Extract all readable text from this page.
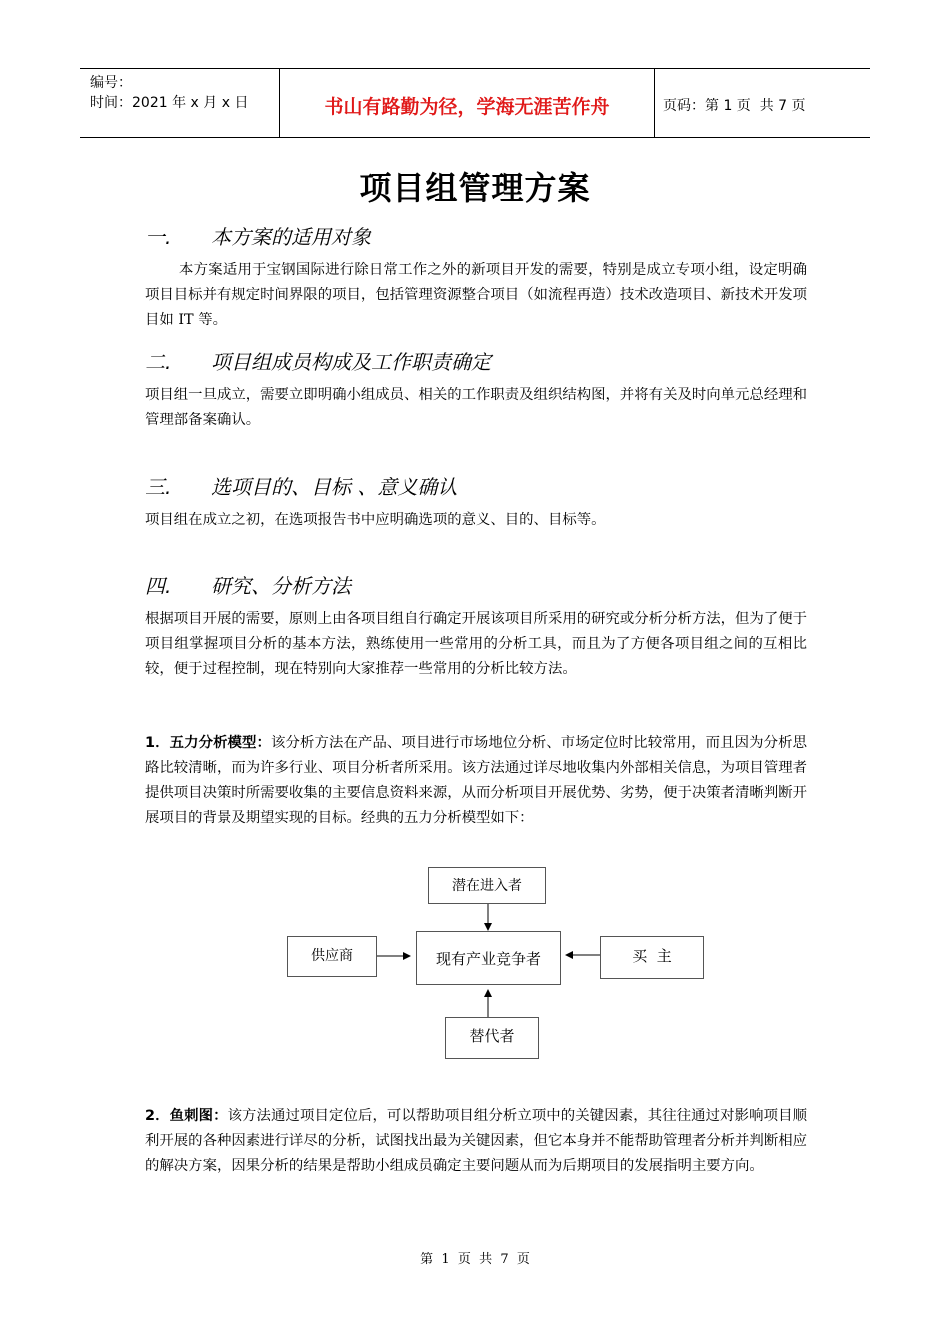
编号：
时间：2021 年 x 月 x 日	书山有路勤为径，学海无涯苦作舟	页码：第 1 页  共 7 页
项目组管理方案
一.	本方案的适用对象
本方案适用于宝钢国际进行除日常工作之外的新项目开发的需要，特别是成立专项小组，设定明确项目目标并有规定时间界限的项目，包括管理资源整合项目（如流程再造）技术改造项目、新技术开发项目如 IT 等。
二.	项目组成员构成及工作职责确定
项目组一旦成立，需要立即明确小组成员、相关的工作职责及组织结构图，并将有关及时向单元总经理和管理部备案确认。
三.	选项目的、目标 、意义确认
项目组在成立之初，在选项报告书中应明确选项的意义、目的、目标等。
四.	研究、分析方法
根据项目开展的需要，原则上由各项目组自行确定开展该项目所采用的研究或分析分析方法，但为了便于项目组掌握项目分析的基本方法，熟练使用一些常用的分析工具，而且为了方便各项目组之间的互相比较，便于过程控制，现在特别向大家推荐一些常用的分析比较方法。
1．五力分析模型：该分析方法在产品、项目进行市场地位分析、市场定位时比较常用，而且因为分析思路比较清晰，而为许多行业、项目分析者所采用。该方法通过详尽地收集内外部相关信息，为项目管理者提供项目决策时所需要收集的主要信息资料来源，从而分析项目开展优势、劣势，便于决策者清晰判断开展项目的背景及期望实现的目标。经典的五力分析模型如下：
潜在进入者
供应商	现有产业竞争者	买  主
替代者
2．鱼刺图：该方法通过项目定位后，可以帮助项目组分析立项中的关键因素，其往往通过对影响项目顺利开展的各种因素进行详尽的分析，试图找出最为关键因素，但它本身并不能帮助管理者分析并判断相应的解决方案，因果分析的结果是帮助小组成员确定主要问题从而为后期项目的发展指明主要方向。
第  1  页  共  7  页
